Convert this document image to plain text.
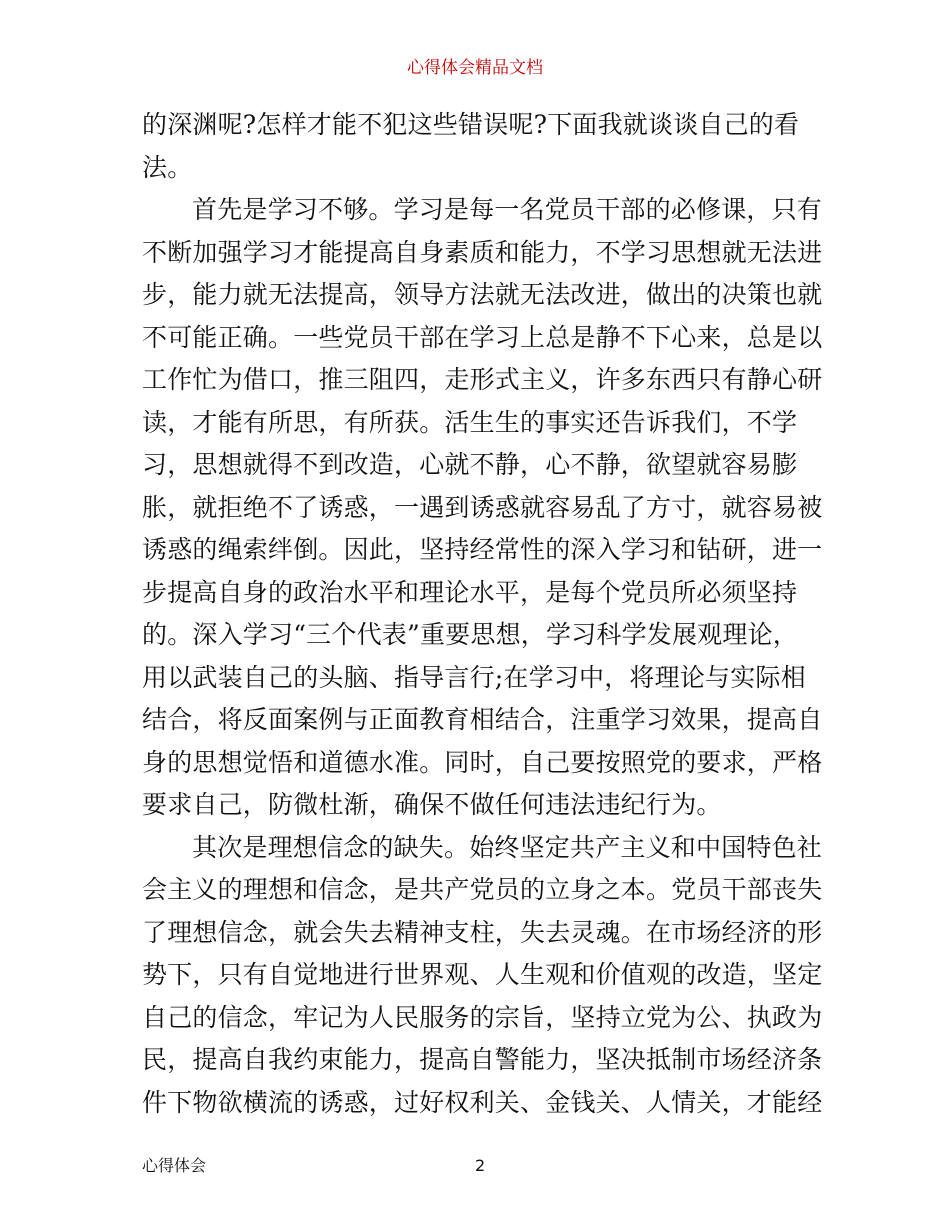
心得体会精品文档
的深渊呢?怎样才能不犯这些错误呢?下面我就谈谈自己的看
法。
首先是学习不够。学习是每一名党员干部的必修课，只有
不断加强学习才能提高自身素质和能力，不学习思想就无法进
步，能力就无法提高，领导方法就无法改进，做出的决策也就
不可能正确。一些党员干部在学习上总是静不下心来，总是以
工作忙为借口，推三阻四，走形式主义，许多东西只有静心研
读，才能有所思，有所获。活生生的事实还告诉我们，不学
习，思想就得不到改造，心就不静，心不静，欲望就容易膨
胀，就拒绝不了诱惑，一遇到诱惑就容易乱了方寸，就容易被
诱惑的绳索绊倒。因此，坚持经常性的深入学习和钻研，进一
步提高自身的政治水平和理论水平，是每个党员所必须坚持
的。深入学习“三个代表”重要思想，学习科学发展观理论，
用以武装自己的头脑、指导言行;在学习中，将理论与实际相
结合，将反面案例与正面教育相结合，注重学习效果，提高自
身的思想觉悟和道德水准。同时，自己要按照党的要求，严格
要求自己，防微杜渐，确保不做任何违法违纪行为。
其次是理想信念的缺失。始终坚定共产主义和中国特色社
会主义的理想和信念，是共产党员的立身之本。党员干部丧失
了理想信念，就会失去精神支柱，失去灵魂。在市场经济的形
势下，只有自觉地进行世界观、人生观和价值观的改造，坚定
自己的信念，牢记为人民服务的宗旨，坚持立党为公、执政为
民，提高自我约束能力，提高自警能力，坚决抵制市场经济条
件下物欲横流的诱惑，过好权利关、金钱关、人情关，才能经
心得体会	2
